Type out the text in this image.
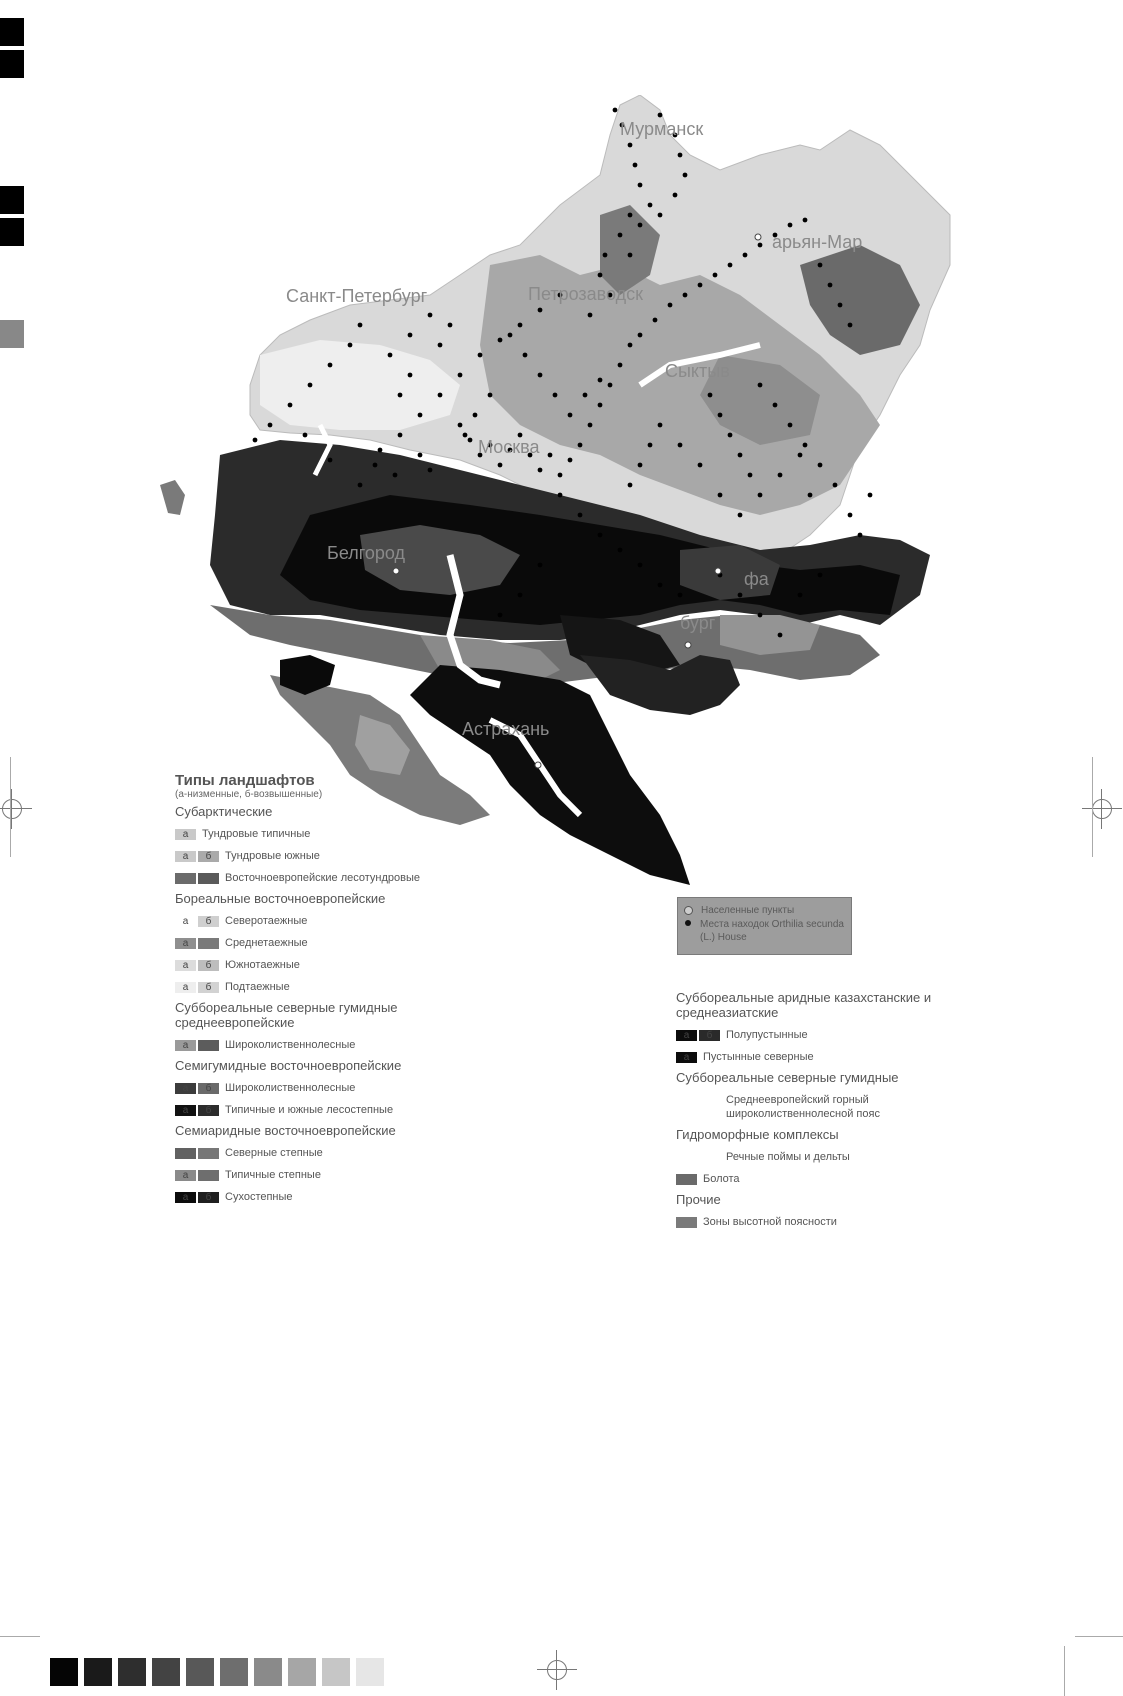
Мурманск
арьян-Мар
Санкт-Петербург	Петрозаводск
Сыктыв
Москва
Белгород
фа
бург
Астрахань
Типы ландшафтов
(а-низменные, б-возвышенные)
Субарктические
а	Тундровые типичные
а	б	Тундровые южные
Восточноевропейские лесотундровые
Бореальные восточноевропейские
а	б	Северотаежные
а	Среднетаежные
а	б	Южнотаежные
а	б	Подтаежные
Суббореальные северные гумидные среднеевропейские
а	Широколиственнолесные
Семигумидные восточноевропейские
а	б	Широколиственнолесные
а	б	Типичные и южные лесостепные
Семиаридные восточноевропейские
Северные степные
а	Типичные степные
а	б	Сухостепные
Населенные пункты
Места находок Orthilia secunda (L.) House
Суббореальные аридные казахстанские и среднеазиатские
а	б	Полупустынные
а	Пустынные северные
Суббореальные северные гумидные
Среднеевропейский горный широколиственнолесной пояс
Гидроморфные комплексы
Речные поймы и дельты
Болота
Прочие
Зоны высотной поясности
